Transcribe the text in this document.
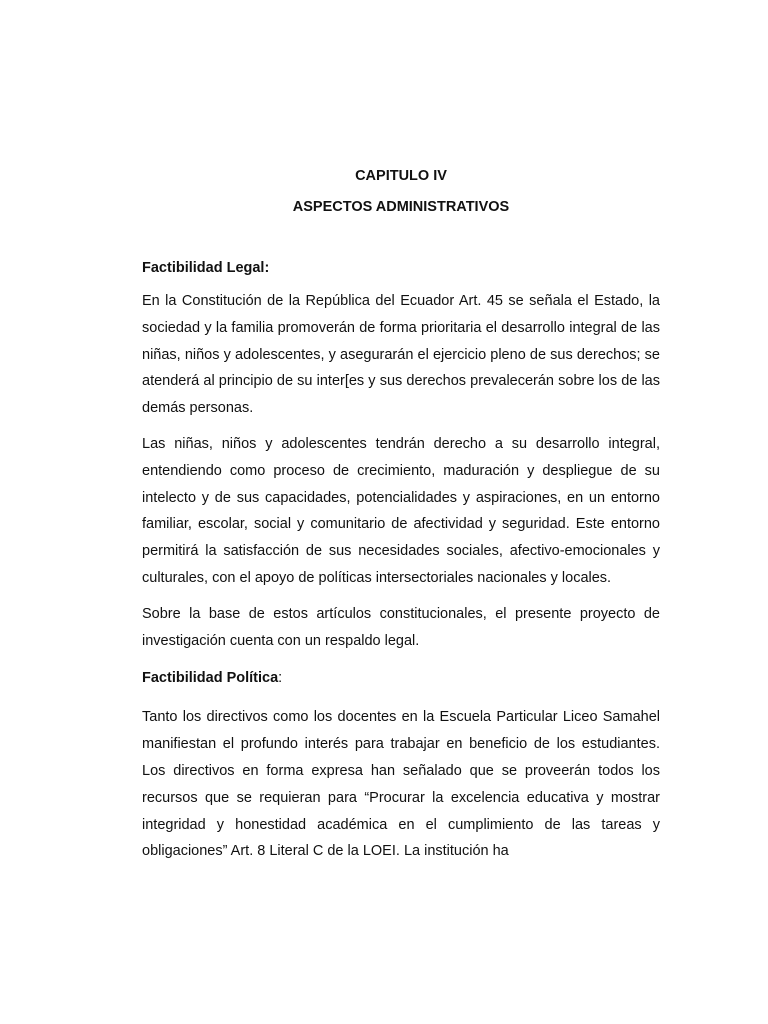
CAPITULO IV
ASPECTOS ADMINISTRATIVOS
Factibilidad Legal:

En la Constitución de la República del Ecuador Art. 45 se señala el Estado, la sociedad y la familia promoverán de forma prioritaria el desarrollo integral de las niñas, niños y adolescentes, y asegurarán el ejercicio pleno de sus derechos; se atenderá al principio de su inter[es y sus derechos prevalecerán sobre los de las demás personas.

Las niñas, niños y adolescentes tendrán derecho a su desarrollo integral, entendiendo como proceso de crecimiento, maduración y despliegue de su intelecto y de sus capacidades, potencialidades y aspiraciones, en un entorno familiar, escolar, social y comunitario de afectividad y seguridad. Este entorno permitirá la satisfacción de sus necesidades sociales, afectivo-emocionales y culturales, con el apoyo de políticas intersectoriales nacionales y locales.

Sobre la base de estos artículos constitucionales, el presente proyecto de investigación cuenta con un respaldo legal.

Factibilidad Política:

Tanto los directivos como los docentes en la Escuela Particular Liceo Samahel manifiestan el profundo interés para trabajar en beneficio de los estudiantes. Los directivos en forma expresa han señalado que se proveerán todos los recursos que se requieran para “Procurar la excelencia educativa y mostrar integridad y honestidad académica en el cumplimiento de las tareas y obligaciones” Art. 8 Literal C de la LOEI. La institución ha
